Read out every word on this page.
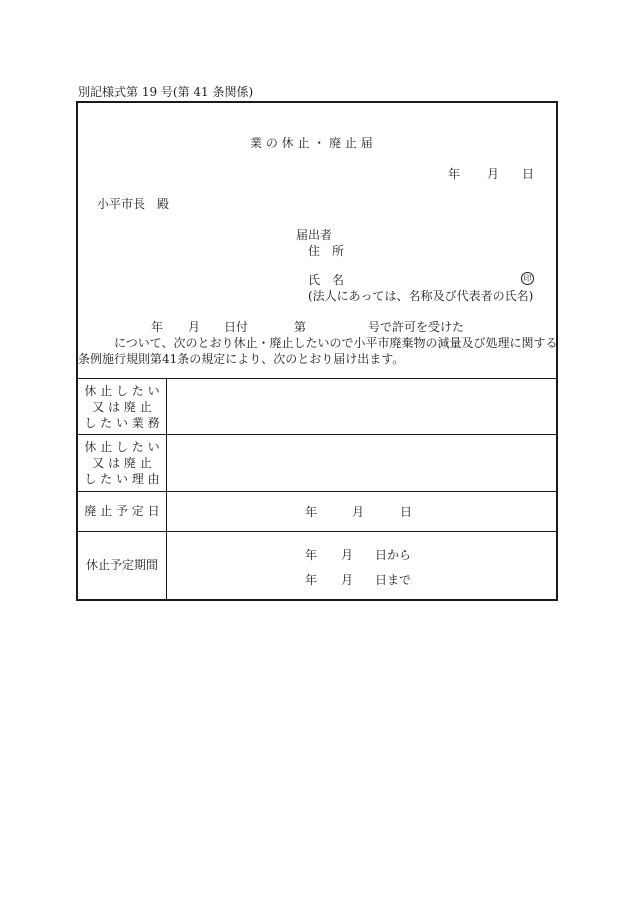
別記様式第 19 号(第 41 条関係)
業 の 休 止 ・ 廃 止 届
年 月 日
小平市長　殿
届出者
住　所
氏　名	印
(法人にあっては、名称及び代表者の氏名)
年 月 日付	第	号で許可を受けた
について、次のとおり休止・廃止したいので小平市廃棄物の減量及び処理に関する
条例施行規則第41条の規定により、次のとおり届け出ます。
休 止 し た い
又 は 廃 止
し た い 業 務
休 止 し た い
又 は 廃 止
し た い 理 由
廃 止 予 定 日	年	月	日
休止予定期間
年 月 日から
年 月 日まで
